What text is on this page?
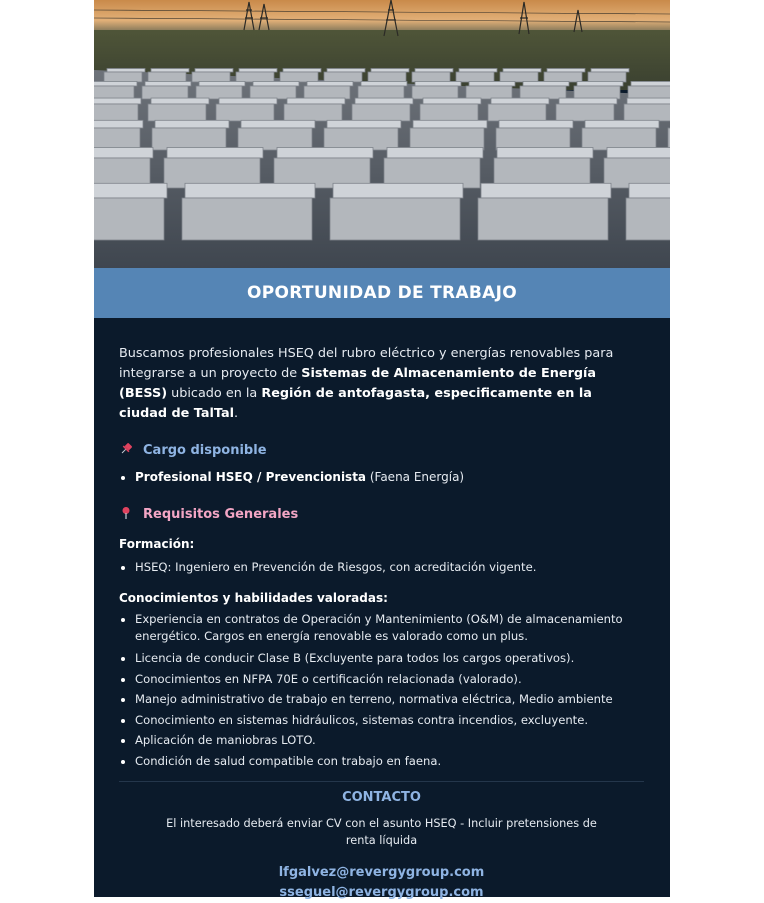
OPORTUNIDAD DE TRABAJO

Buscamos profesionales HSEQ del rubro eléctrico y energías renovables para integrarse a un proyecto de Sistemas de Almacenamiento de Energía (BESS) ubicado en la Región de antofagasta, especificamente en la ciudad de TalTal.

Cargo disponible
• Profesional HSEQ / Prevencionista (Faena Energía)
Requisitos Generales
Formación:
• HSEQ: Ingeniero en Prevención de Riesgos, con acreditación vigente.
Conocimientos y habilidades valoradas:
• Experiencia en contratos de Operación y Mantenimiento (O&M) de almacenamiento energético. Cargos en energía renovable es valorado como un plus.
• Licencia de conducir Clase B (Excluyente para todos los cargos operativos).
• Conocimientos en NFPA 70E o certificación relacionada (valorado).
• Manejo administrativo de trabajo en terreno, normativa eléctrica, Medio ambiente
• Conocimiento en sistemas hidráulicos, sistemas contra incendios, excluyente.
• Aplicación de maniobras LOTO.
• Condición de salud compatible con trabajo en faena.
CONTACTO
El interesado deberá enviar CV con el asunto HSEQ - Incluir pretensiones de renta líquida
lfgalvez@revergygroup.com
sseguel@revergygroup.com
